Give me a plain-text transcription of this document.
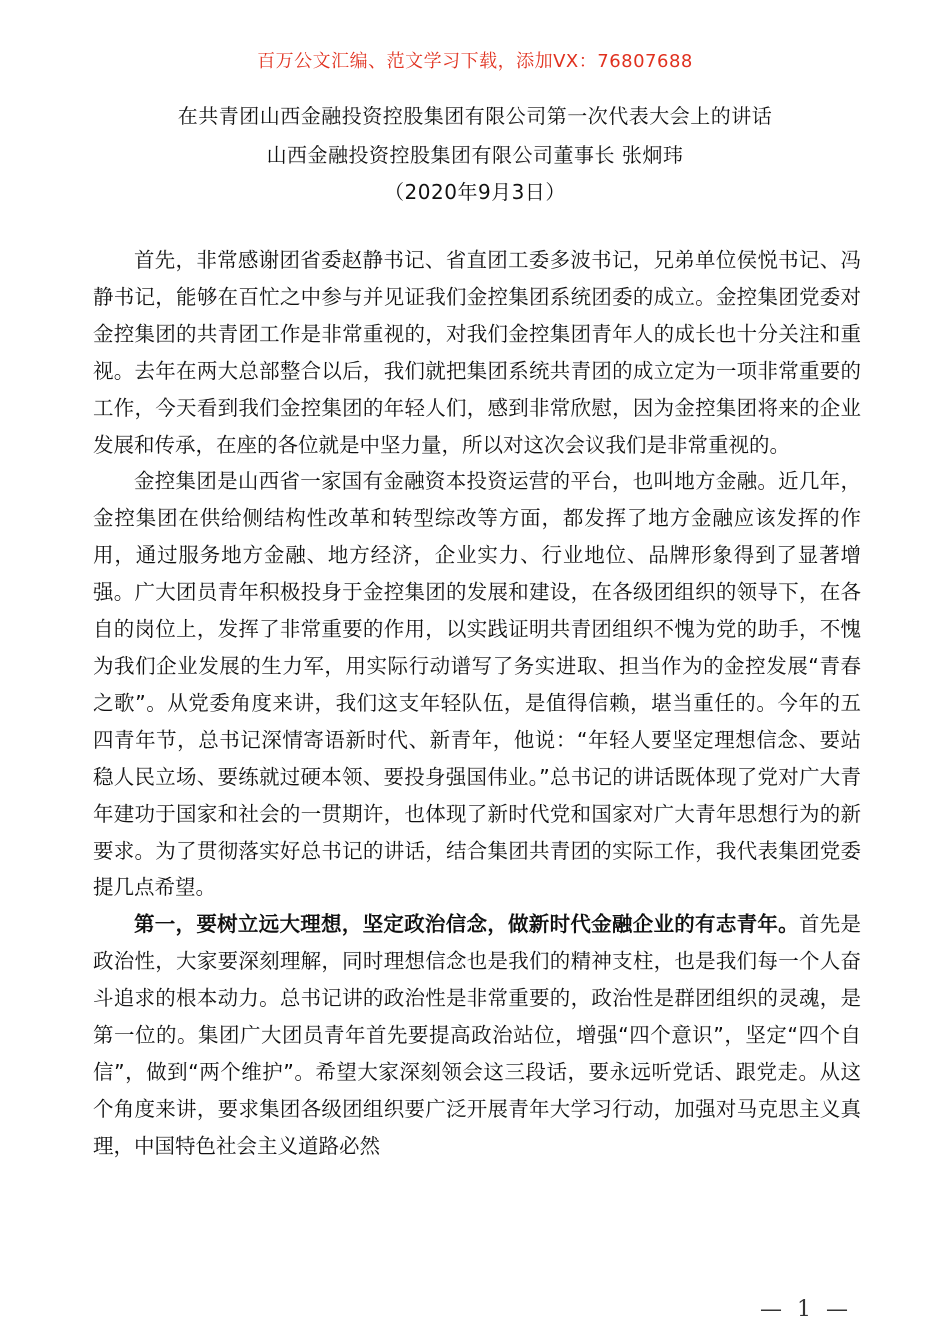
百万公文汇编、范文学习下载，添加VX：76807688
在共青团山西金融投资控股集团有限公司第一次代表大会上的讲话
山西金融投资控股集团有限公司董事长 张炯玮
（2020年9月3日）

首先，非常感谢团省委赵静书记、省直团工委多波书记，兄弟单位侯悦书记、冯静书记，能够在百忙之中参与并见证我们金控集团系统团委的成立。金控集团党委对金控集团的共青团工作是非常重视的，对我们金控集团青年人的成长也十分关注和重视。去年在两大总部整合以后，我们就把集团系统共青团的成立定为一项非常重要的工作，今天看到我们金控集团的年轻人们，感到非常欣慰，因为金控集团将来的企业发展和传承，在座的各位就是中坚力量，所以对这次会议我们是非常重视的。

金控集团是山西省一家国有金融资本投资运营的平台，也叫地方金融。近几年，金控集团在供给侧结构性改革和转型综改等方面，都发挥了地方金融应该发挥的作用，通过服务地方金融、地方经济，企业实力、行业地位、品牌形象得到了显著增强。广大团员青年积极投身于金控集团的发展和建设，在各级团组织的领导下，在各自的岗位上，发挥了非常重要的作用，以实践证明共青团组织不愧为党的助手，不愧为我们企业发展的生力军，用实际行动谱写了务实进取、担当作为的金控发展“青春之歌”。从党委角度来讲，我们这支年轻队伍，是值得信赖，堪当重任的。今年的五四青年节，总书记深情寄语新时代、新青年，他说：“年轻人要坚定理想信念、要站稳人民立场、要练就过硬本领、要投身强国伟业。”总书记的讲话既体现了党对广大青年建功于国家和社会的一贯期许，也体现了新时代党和国家对广大青年思想行为的新要求。为了贯彻落实好总书记的讲话，结合集团共青团的实际工作，我代表集团党委提几点希望。

第一，要树立远大理想，坚定政治信念，做新时代金融企业的有志青年。首先是政治性，大家要深刻理解，同时理想信念也是我们的精神支柱，也是我们每一个人奋斗追求的根本动力。总书记讲的政治性是非常重要的，政治性是群团组织的灵魂，是第一位的。集团广大团员青年首先要提高政治站位，增强“四个意识”，坚定“四个自信”，做到“两个维护”。希望大家深刻领会这三段话，要永远听党话、跟党走。从这个角度来讲，要求集团各级团组织要广泛开展青年大学习行动，加强对马克思主义真理，中国特色社会主义道路必然

— 1 —
